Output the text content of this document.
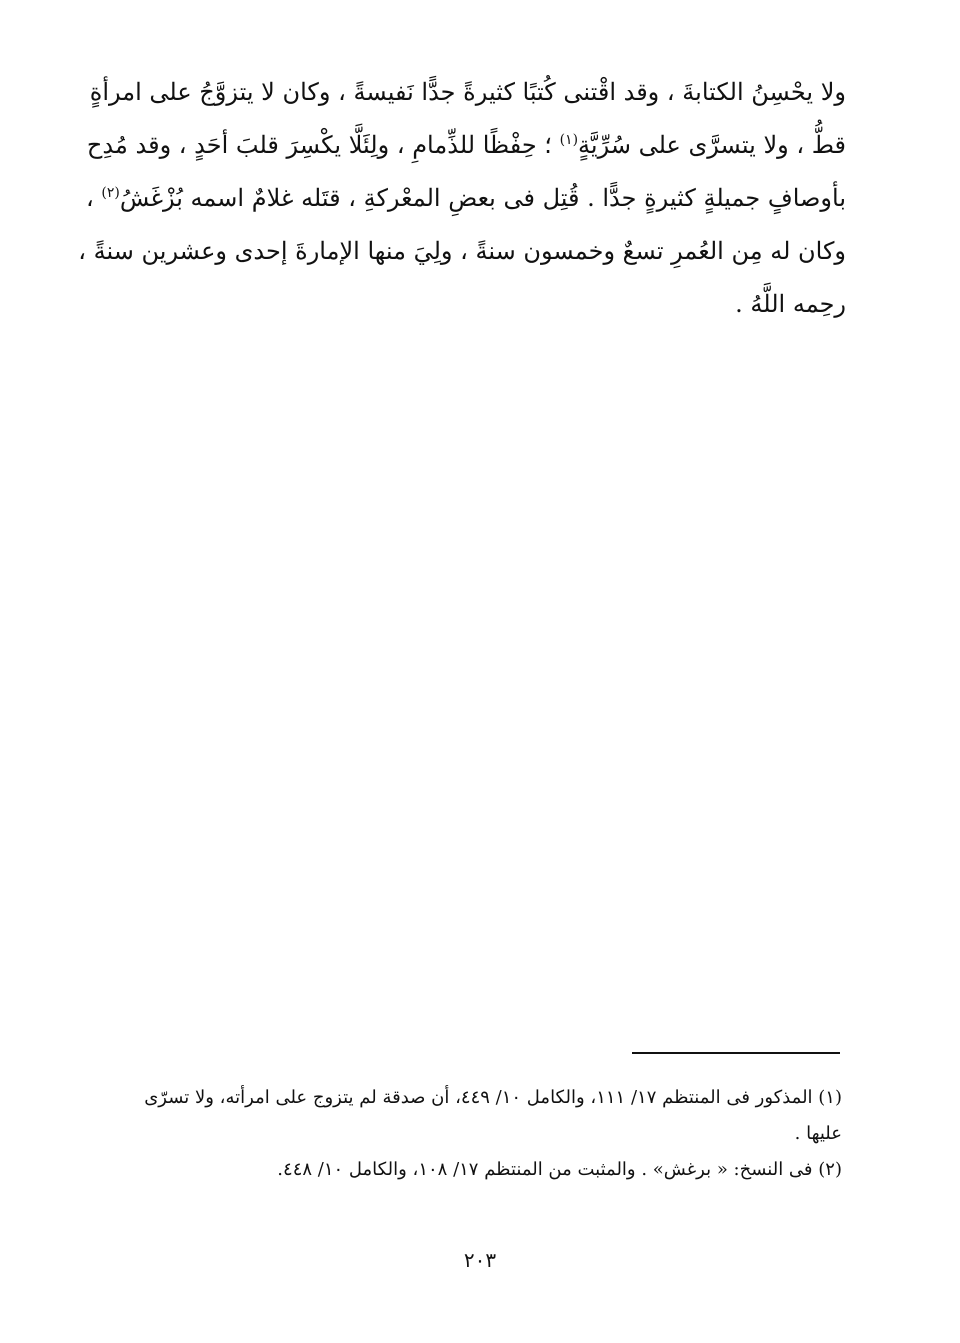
ولا يحْسِنُ الكتابةَ ، وقد اقْتنى كُتبًا كثيرةً جدًّا نَفيسةً ، وكان لا يتزوَّجُ على امرأةٍ
قطُّ ، ولا يتسرَّى على سُرِّيَّةٍ$^{(١)}$ ؛ حِفْظًا للذِّمامِ ، ولِئَلَّا يكْسِرَ قلبَ أحَدٍ ، وقد مُدِح
بأوصافٍ جميلةٍ كثيرةٍ جدًّا . قُتِل فى بعضِ المعْركةِ ، قتَله غلامٌ اسمه بُزْغَشُ$^{(٢)}$ ،
وكان له مِن العُمرِ تسعٌ وخمسون سنةً ، ولِيَ منها الإمارةَ إحدى وعشرين سنةً ،
رحِمه اللَّهُ .
(١) المذكور فى المنتظم ١٧/ ١١١، والكامل ١٠/ ٤٤٩، أن صدقة لم يتزوج على امرأته، ولا تسرّى
عليها .
(٢) فى النسخ: « برغش» . والمثبت من المنتظم ١٧/ ١٠٨، والكامل ١٠/ ٤٤٨.
٢٠٣
